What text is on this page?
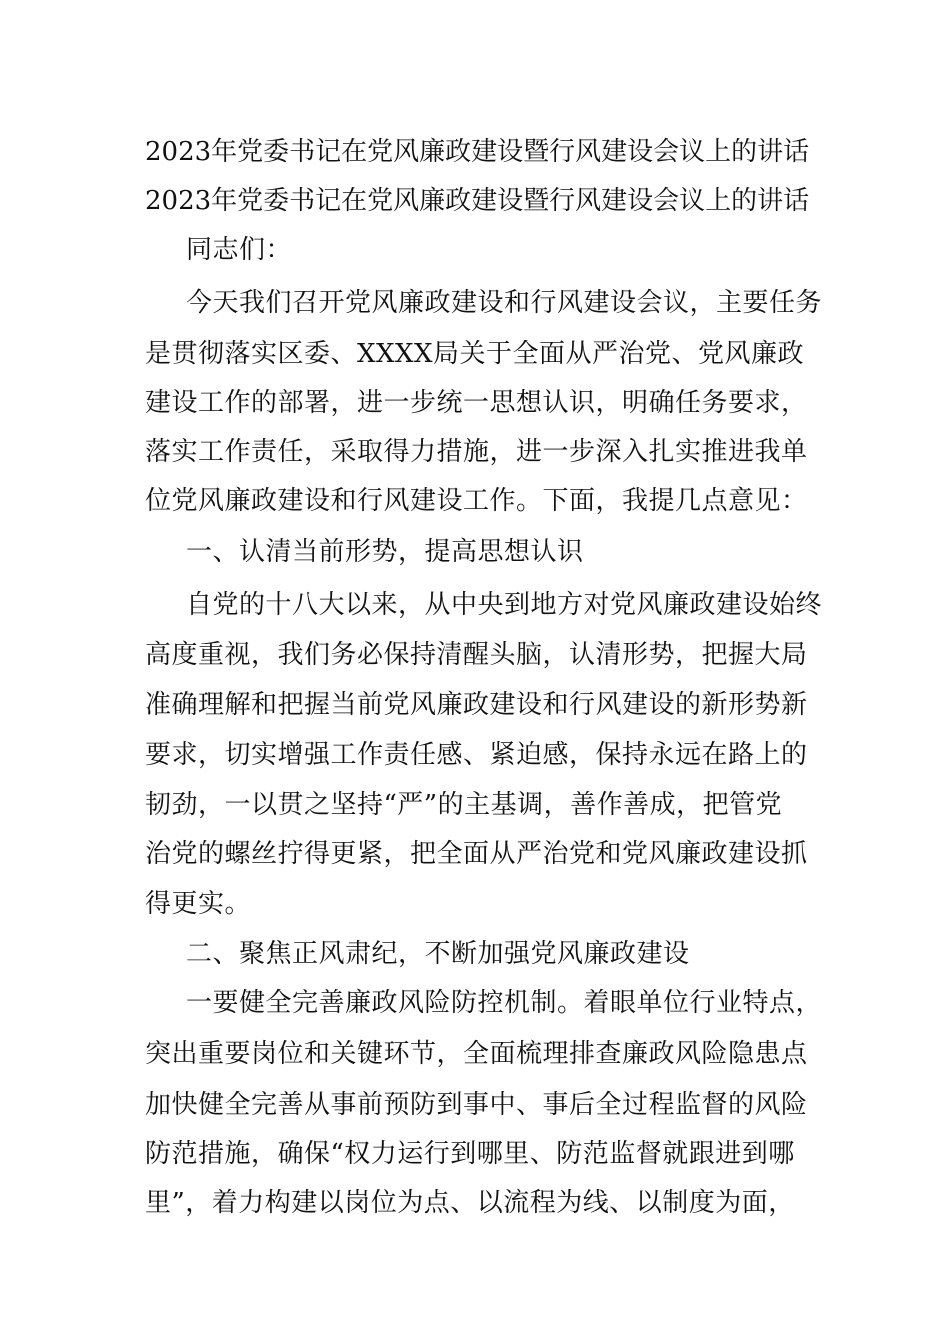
2023年党委书记在党风廉政建设暨行风建设会议上的讲话
2023年党委书记在党风廉政建设暨行风建设会议上的讲话
同志们：
今天我们召开党风廉政建设和行风建设会议，主要任务
是贯彻落实区委、XXXX局关于全面从严治党、党风廉政
建设工作的部署，进一步统一思想认识，明确任务要求，
落实工作责任，采取得力措施，进一步深入扎实推进我单
位党风廉政建设和行风建设工作。下面，我提几点意见：
一、认清当前形势，提高思想认识
自党的十八大以来，从中央到地方对党风廉政建设始终
高度重视，我们务必保持清醒头脑，认清形势，把握大局
准确理解和把握当前党风廉政建设和行风建设的新形势新
要求，切实增强工作责任感、紧迫感，保持永远在路上的
韧劲，一以贯之坚持“严”的主基调，善作善成，把管党
治党的螺丝拧得更紧，把全面从严治党和党风廉政建设抓
得更实。
二、聚焦正风肃纪，不断加强党风廉政建设
一要健全完善廉政风险防控机制。着眼单位行业特点，
突出重要岗位和关键环节，全面梳理排查廉政风险隐患点
加快健全完善从事前预防到事中、事后全过程监督的风险
防范措施，确保“权力运行到哪里、防范监督就跟进到哪
里”，着力构建以岗位为点、以流程为线、以制度为面，
